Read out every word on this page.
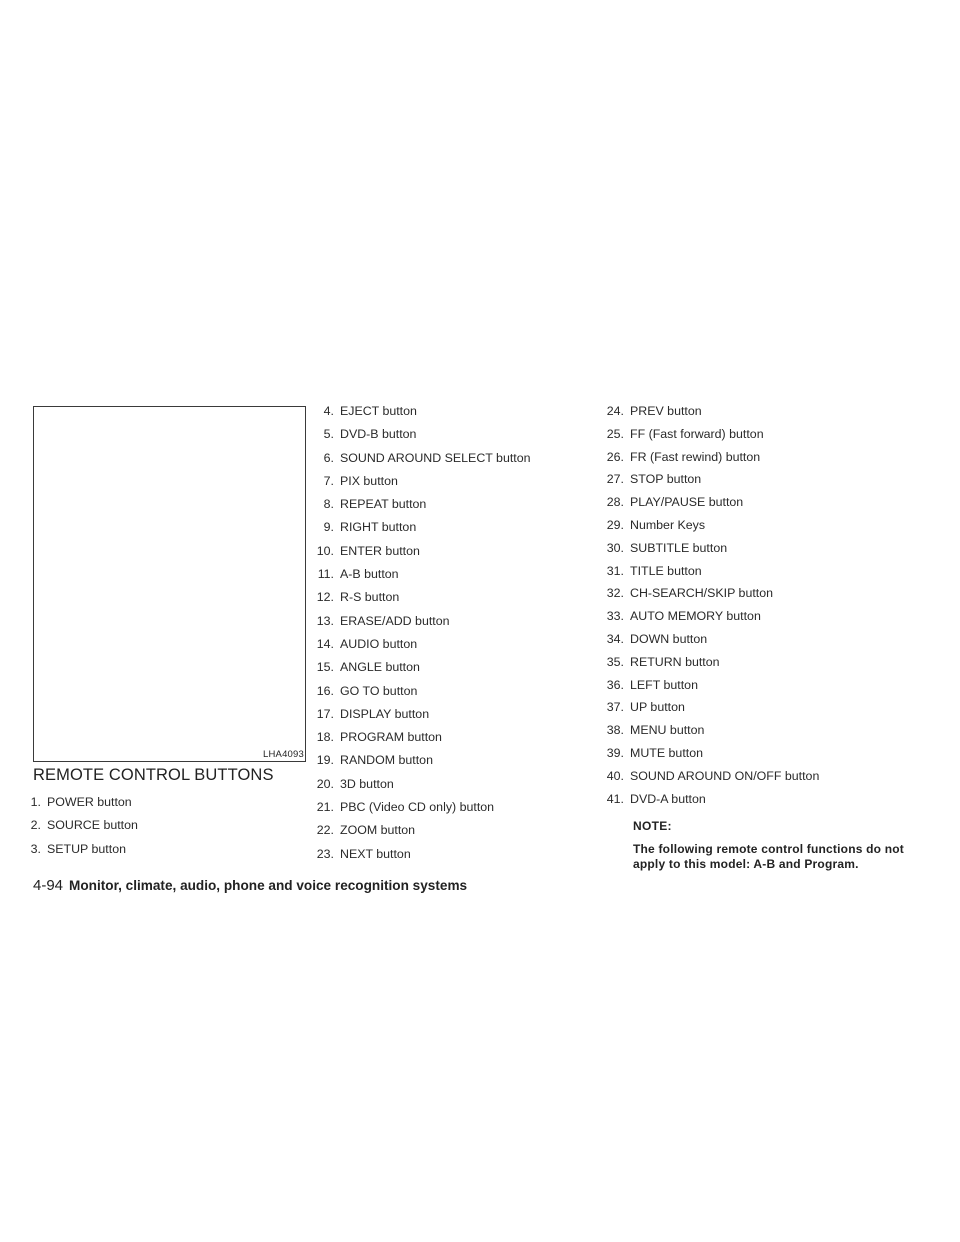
LHA4093
REMOTE CONTROL BUTTONS
1. POWER button
2. SOURCE button
3. SETUP button
4. EJECT button
5. DVD-B button
6. SOUND AROUND SELECT button
7. PIX button
8. REPEAT button
9. RIGHT button
10. ENTER button
11. A-B button
12. R-S button
13. ERASE/ADD button
14. AUDIO button
15. ANGLE button
16. GO TO button
17. DISPLAY button
18. PROGRAM button
19. RANDOM button
20. 3D button
21. PBC (Video CD only) button
22. ZOOM button
23. NEXT button
24. PREV button
25. FF (Fast forward) button
26. FR (Fast rewind) button
27. STOP button
28. PLAY/PAUSE button
29. Number Keys
30. SUBTITLE button
31. TITLE button
32. CH-SEARCH/SKIP button
33. AUTO MEMORY button
34. DOWN button
35. RETURN button
36. LEFT button
37. UP button
38. MENU button
39. MUTE button
40. SOUND AROUND ON/OFF button
41. DVD-A button

NOTE:

The following remote control functions do not apply to this model: A-B and Program.

4-94 Monitor, climate, audio, phone and voice recognition systems
